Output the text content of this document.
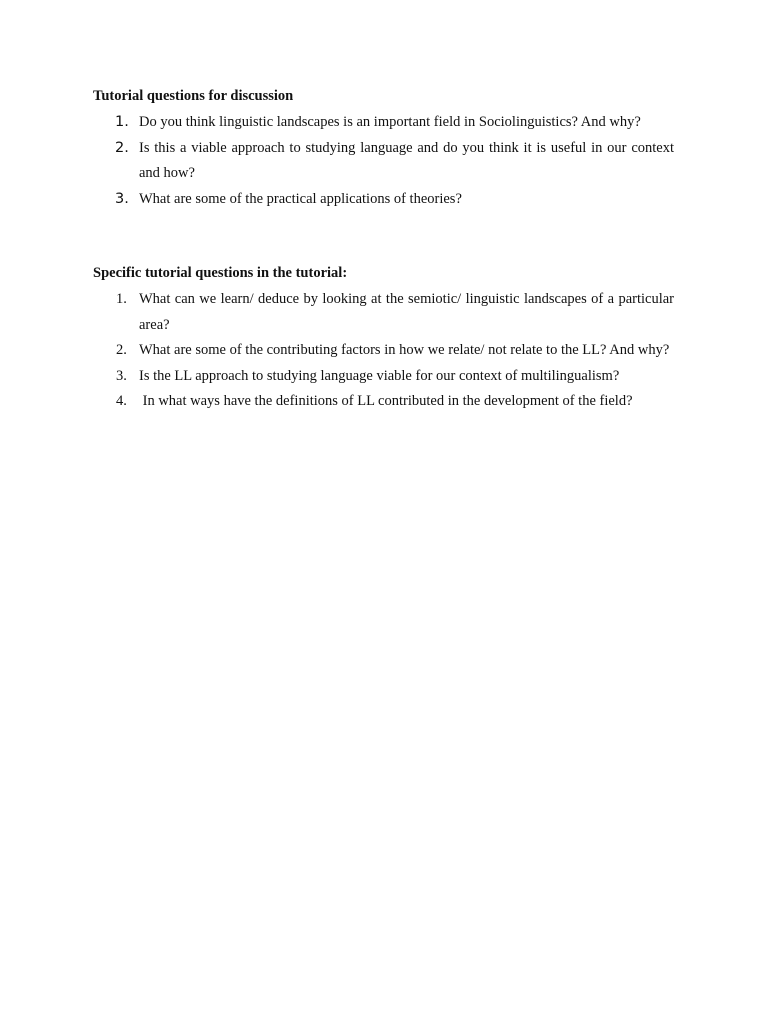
Tutorial questions for discussion
1. Do you think linguistic landscapes is an important field in Sociolinguistics? And why?
2. Is this a viable approach to studying language and do you think it is useful in our context and how?
3. What are some of the practical applications of theories?
Specific tutorial questions in the tutorial:
1. What can we learn/ deduce by looking at the semiotic/ linguistic landscapes of a particular area?
2. What are some of the contributing factors in how we relate/ not relate to the LL? And why?
3. Is the LL approach to studying language viable for our context of multilingualism?
4. In what ways have the definitions of LL contributed in the development of the field?
